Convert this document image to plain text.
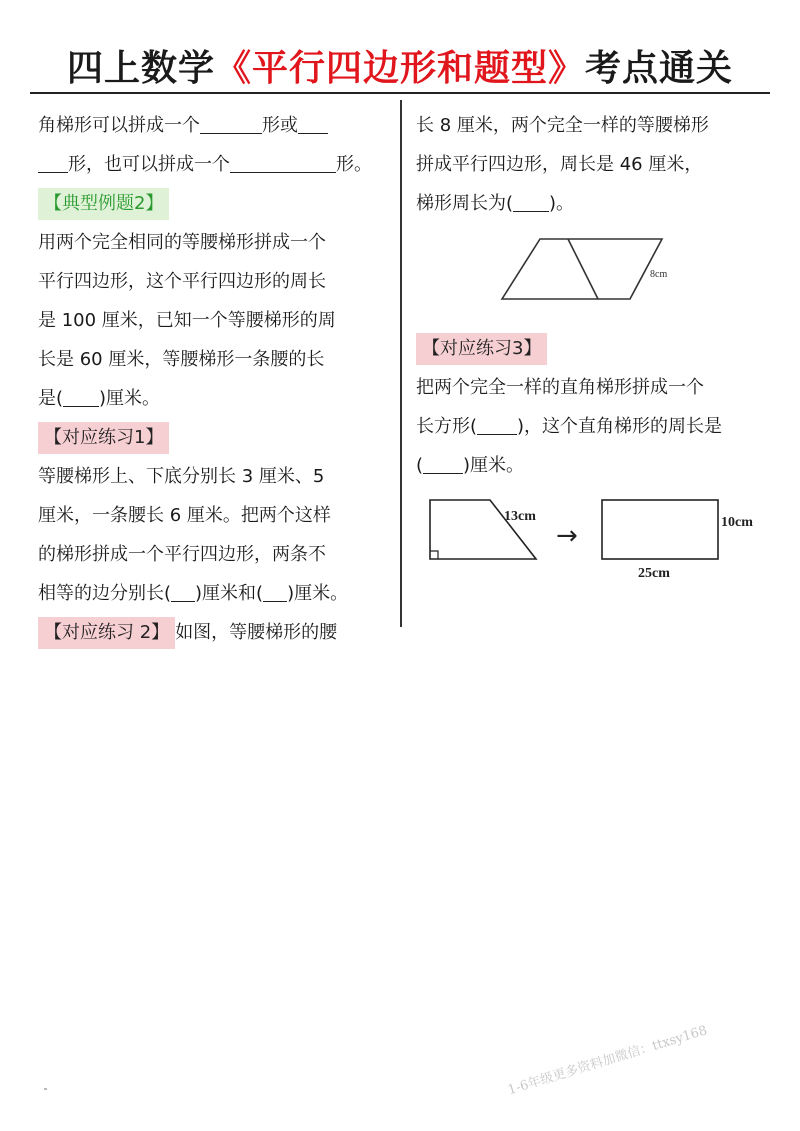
四上数学《平行四边形和题型》考点通关
角梯形可以拼成一个	形或
形，也可以拼成一个	形。
【典型例题2】
用两个完全相同的等腰梯形拼成一个
平行四边形，这个平行四边形的周长
是 100 厘米，已知一个等腰梯形的周
长是 60 厘米，等腰梯形一条腰的长
是( )厘米。
【对应练习1】
等腰梯形上、下底分别长 3 厘米、5
厘米，一条腰长 6 厘米。把两个这样
的梯形拼成一个平行四边形，两条不
相等的边分别长( )厘米和( )厘米。
【对应练习 2】 如图，等腰梯形的腰
长 8 厘米，两个完全一样的等腰梯形
拼成平行四边形，周长是 46 厘米，
梯形周长为( )。
8cm
【对应练习3】
把两个完全一样的直角梯形拼成一个
长方形( )，这个直角梯形的周长是
( )厘米。
13cm
→	10cm
25cm
1-6年级更多资料加微信：ttxsy168
